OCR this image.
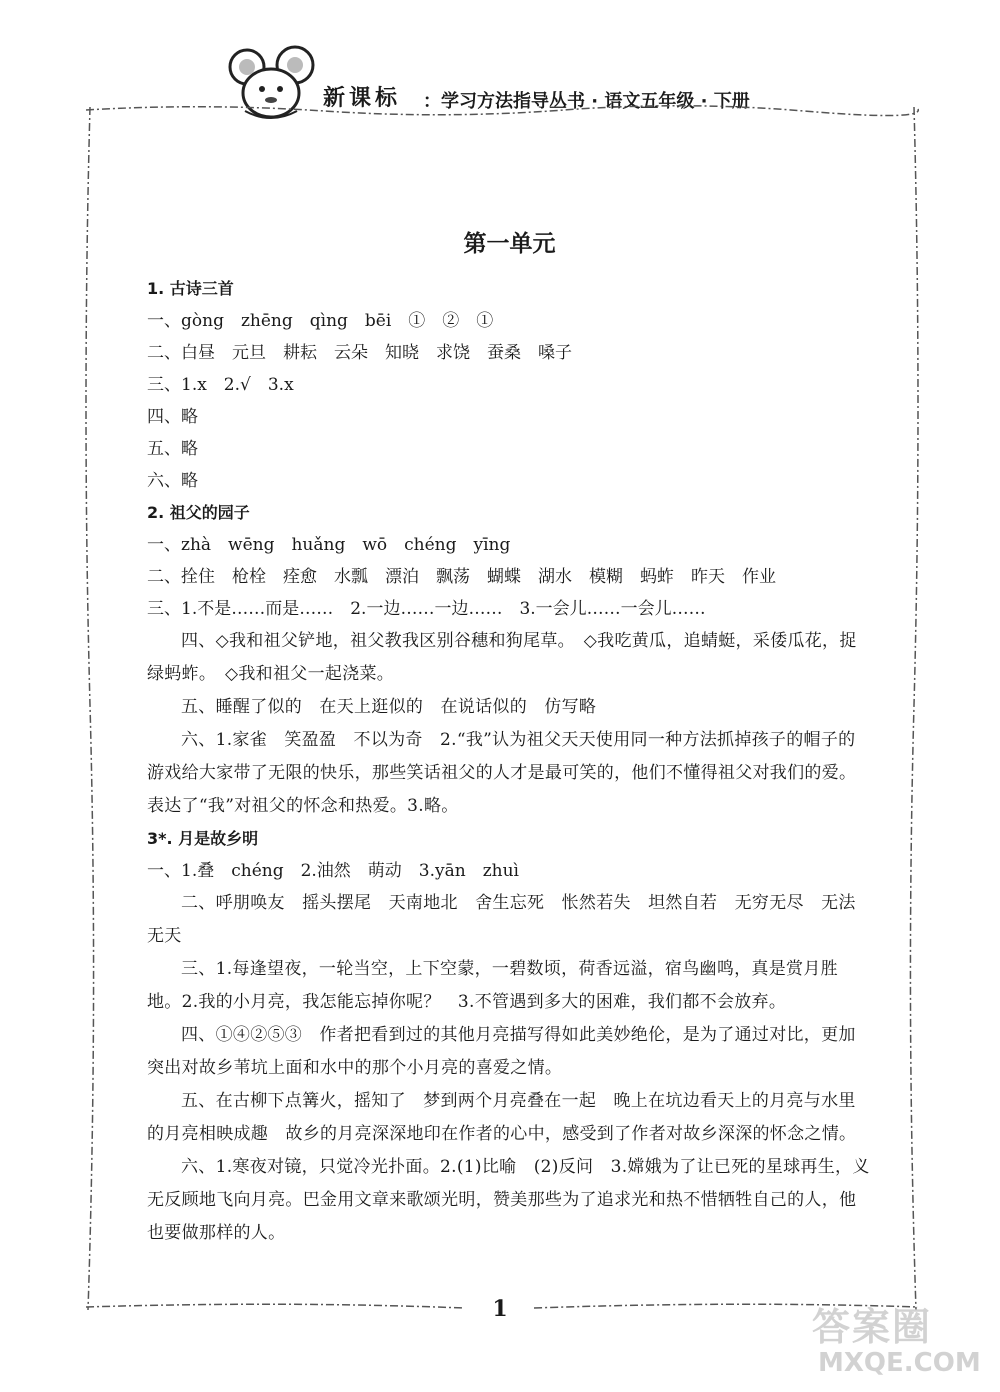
新课标 ：学习方法指导丛书 · 语文五年级 · 下册
第一单元
1. 古诗三首
一、gòng　zhēng　qìng　bēi　①　②　①
二、白昼　元旦　耕耘　云朵　知晓　求饶　蚕桑　嗓子
三、1.x　2.√　3.x
四、略
五、略
六、略
2. 祖父的园子
一、zhà　wēng　huǎng　wō　chéng　yīng
二、拴住　枪栓　痊愈　水瓢　漂泊　飘荡　蝴蝶　湖水　模糊　蚂蚱　昨天　作业
三、1.不是……而是……　2.一边……一边……　3.一会儿……一会儿……

四、◇我和祖父铲地，祖父教我区别谷穗和狗尾草。　◇我吃黄瓜，追蜻蜓，采倭瓜花，捉绿蚂蚱。　◇我和祖父一起浇菜。

五、睡醒了似的　在天上逛似的　在说话似的　仿写略

六、1.家雀　笑盈盈　不以为奇　2.“我”认为祖父天天使用同一种方法抓掉孩子的帽子的游戏给大家带了无限的快乐，那些笑话祖父的人才是最可笑的，他们不懂得祖父对我们的爱。表达了“我”对祖父的怀念和热爱。3.略。

3*. 月是故乡明
一、1.叠　chéng　2.油然　萌动　3.yān　zhuì

二、呼朋唤友　摇头摆尾　天南地北　舍生忘死　怅然若失　坦然自若　无穷无尽　无法无天

三、1.每逢望夜，一轮当空，上下空蒙，一碧数顷，荷香远溢，宿鸟幽鸣，真是赏月胜地。2.我的小月亮，我怎能忘掉你呢？　3.不管遇到多大的困难，我们都不会放弃。

四、①④②⑤③　作者把看到过的其他月亮描写得如此美妙绝伦，是为了通过对比，更加突出对故乡苇坑上面和水中的那个小月亮的喜爱之情。

五、在古柳下点篝火，摇知了　梦到两个月亮叠在一起　晚上在坑边看天上的月亮与水里的月亮相映成趣　故乡的月亮深深地印在作者的心中，感受到了作者对故乡深深的怀念之情。

六、1.寒夜对镜，只觉冷光扑面。2.(1)比喻　(2)反问　3.嫦娥为了让已死的星球再生，义无反顾地飞向月亮。巴金用文章来歌颂光明，赞美那些为了追求光和热不惜牺牲自己的人，他也要做那样的人。

1	答案圈
MXQE.COM
